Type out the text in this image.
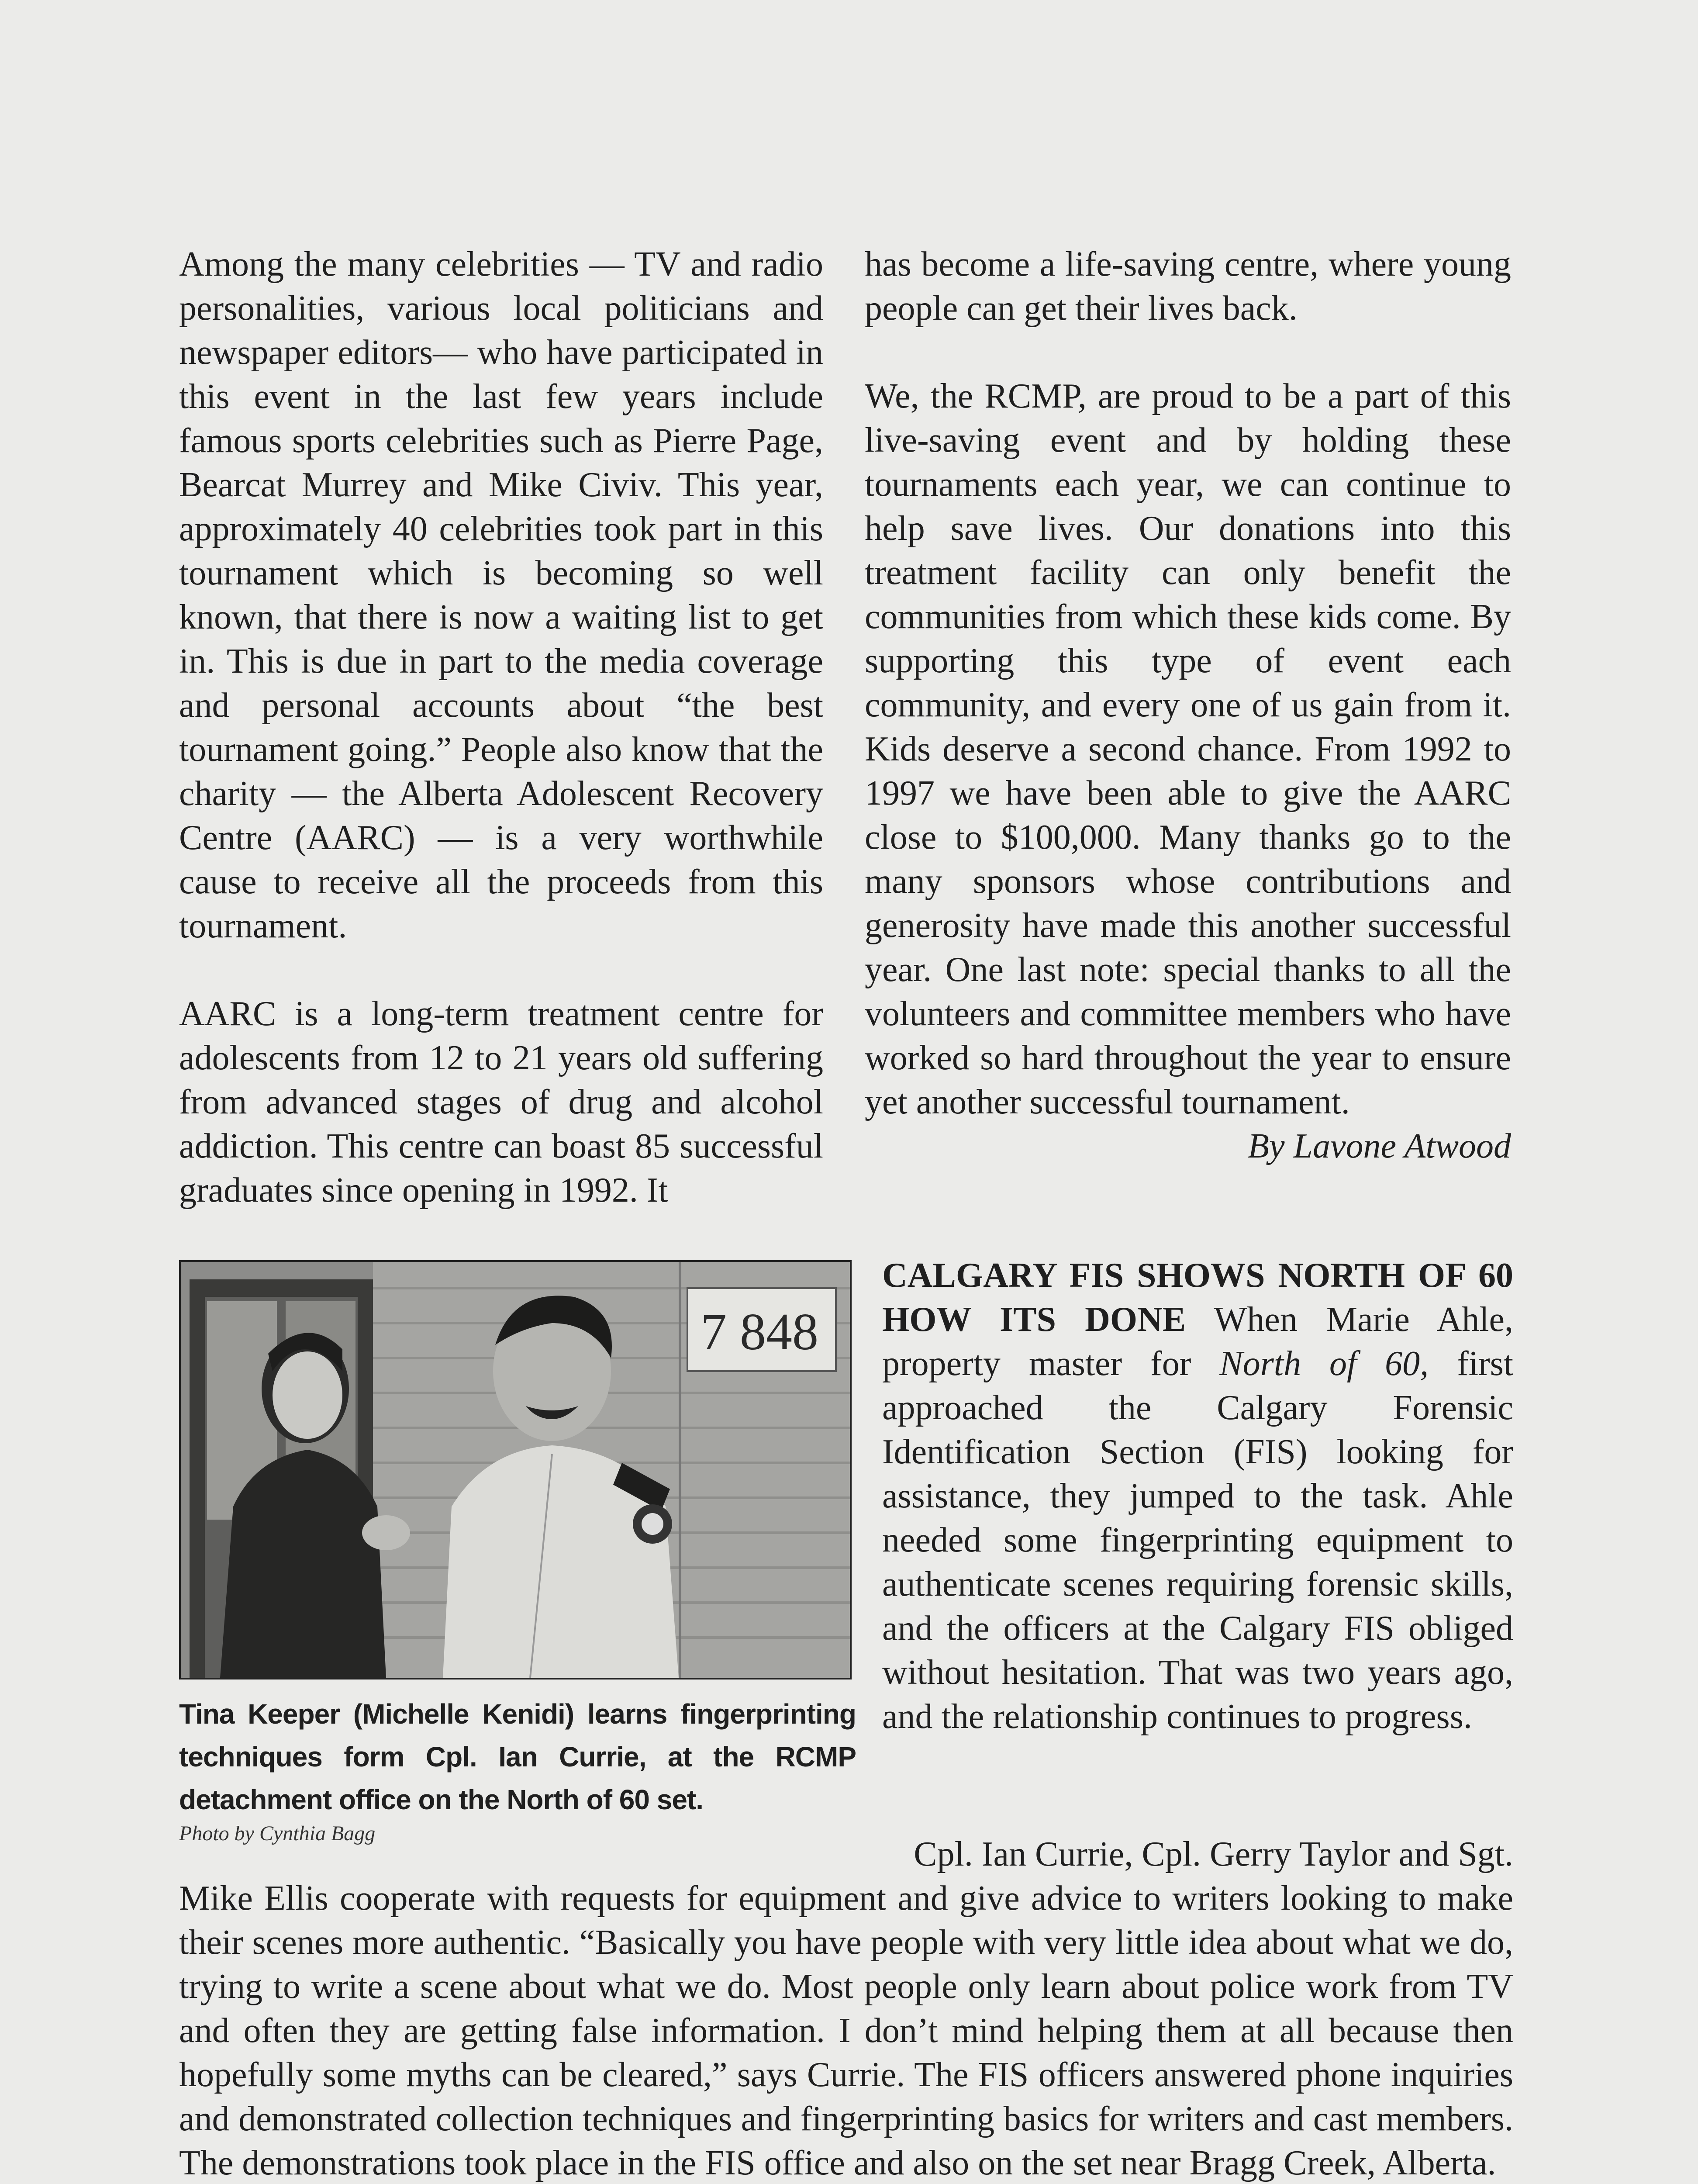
Among the many celebrities — TV and radio personalities, various local politicians and newspaper editors— who have participated in this event in the last few years include famous sports celebrities such as Pierre Page, Bearcat Murrey and Mike Civiv. This year, approximately 40 celebrities took part in this tournament which is becoming so well known, that there is now a waiting list to get in. This is due in part to the media coverage and personal accounts about “the best tournament going.” People also know that the charity — the Alberta Adolescent Recovery Centre (AARC) — is a very worthwhile cause to receive all the proceeds from this tournament.

AARC is a long-term treatment centre for adolescents from 12 to 21 years old suffering from advanced stages of drug and alcohol addiction. This centre can boast 85 successful graduates since opening in 1992. It

has become a life-saving centre, where young people can get their lives back.

We, the RCMP, are proud to be a part of this live-saving event and by holding these tournaments each year, we can continue to help save lives. Our donations into this treatment facility can only benefit the communities from which these kids come. By supporting this type of event each community, and every one of us gain from it. Kids deserve a second chance. From 1992 to 1997 we have been able to give the AARC close to $100,000. Many thanks go to the many sponsors whose contributions and generosity have made this another successful year. One last note: special thanks to all the volunteers and committee members who have worked so hard throughout the year to ensure yet another successful tournament.
By Lavone Atwood

7 848
Tina Keeper (Michelle Kenidi) learns fingerprinting techniques form Cpl. Ian Currie, at the RCMP detachment office on the North of 60 set.
Photo by Cynthia Bagg

CALGARY FIS SHOWS NORTH OF 60 HOW ITS DONE When Marie Ahle, property master for North of 60, first approached the Calgary Forensic Identification Section (FIS) looking for assistance, they jumped to the task. Ahle needed some fingerprinting equipment to authenticate scenes requiring forensic skills, and the officers at the Calgary FIS obliged without hesitation. That was two years ago, and the relationship continues to progress.

Cpl. Ian Currie, Cpl. Gerry Taylor and Sgt.
Mike Ellis cooperate with requests for equipment and give advice to writers looking to make their scenes more authentic. “Basically you have people with very little idea about what we do, trying to write a scene about what we do. Most people only learn about police work from TV and often they are getting false information. I don’t mind helping them at all because then hopefully some myths can be cleared,” says Currie. The FIS officers answered phone inquiries and demonstrated collection techniques and fingerprinting basics for writers and cast members. The demonstrations took place in the FIS office and also on the set near Bragg Creek, Alberta.
